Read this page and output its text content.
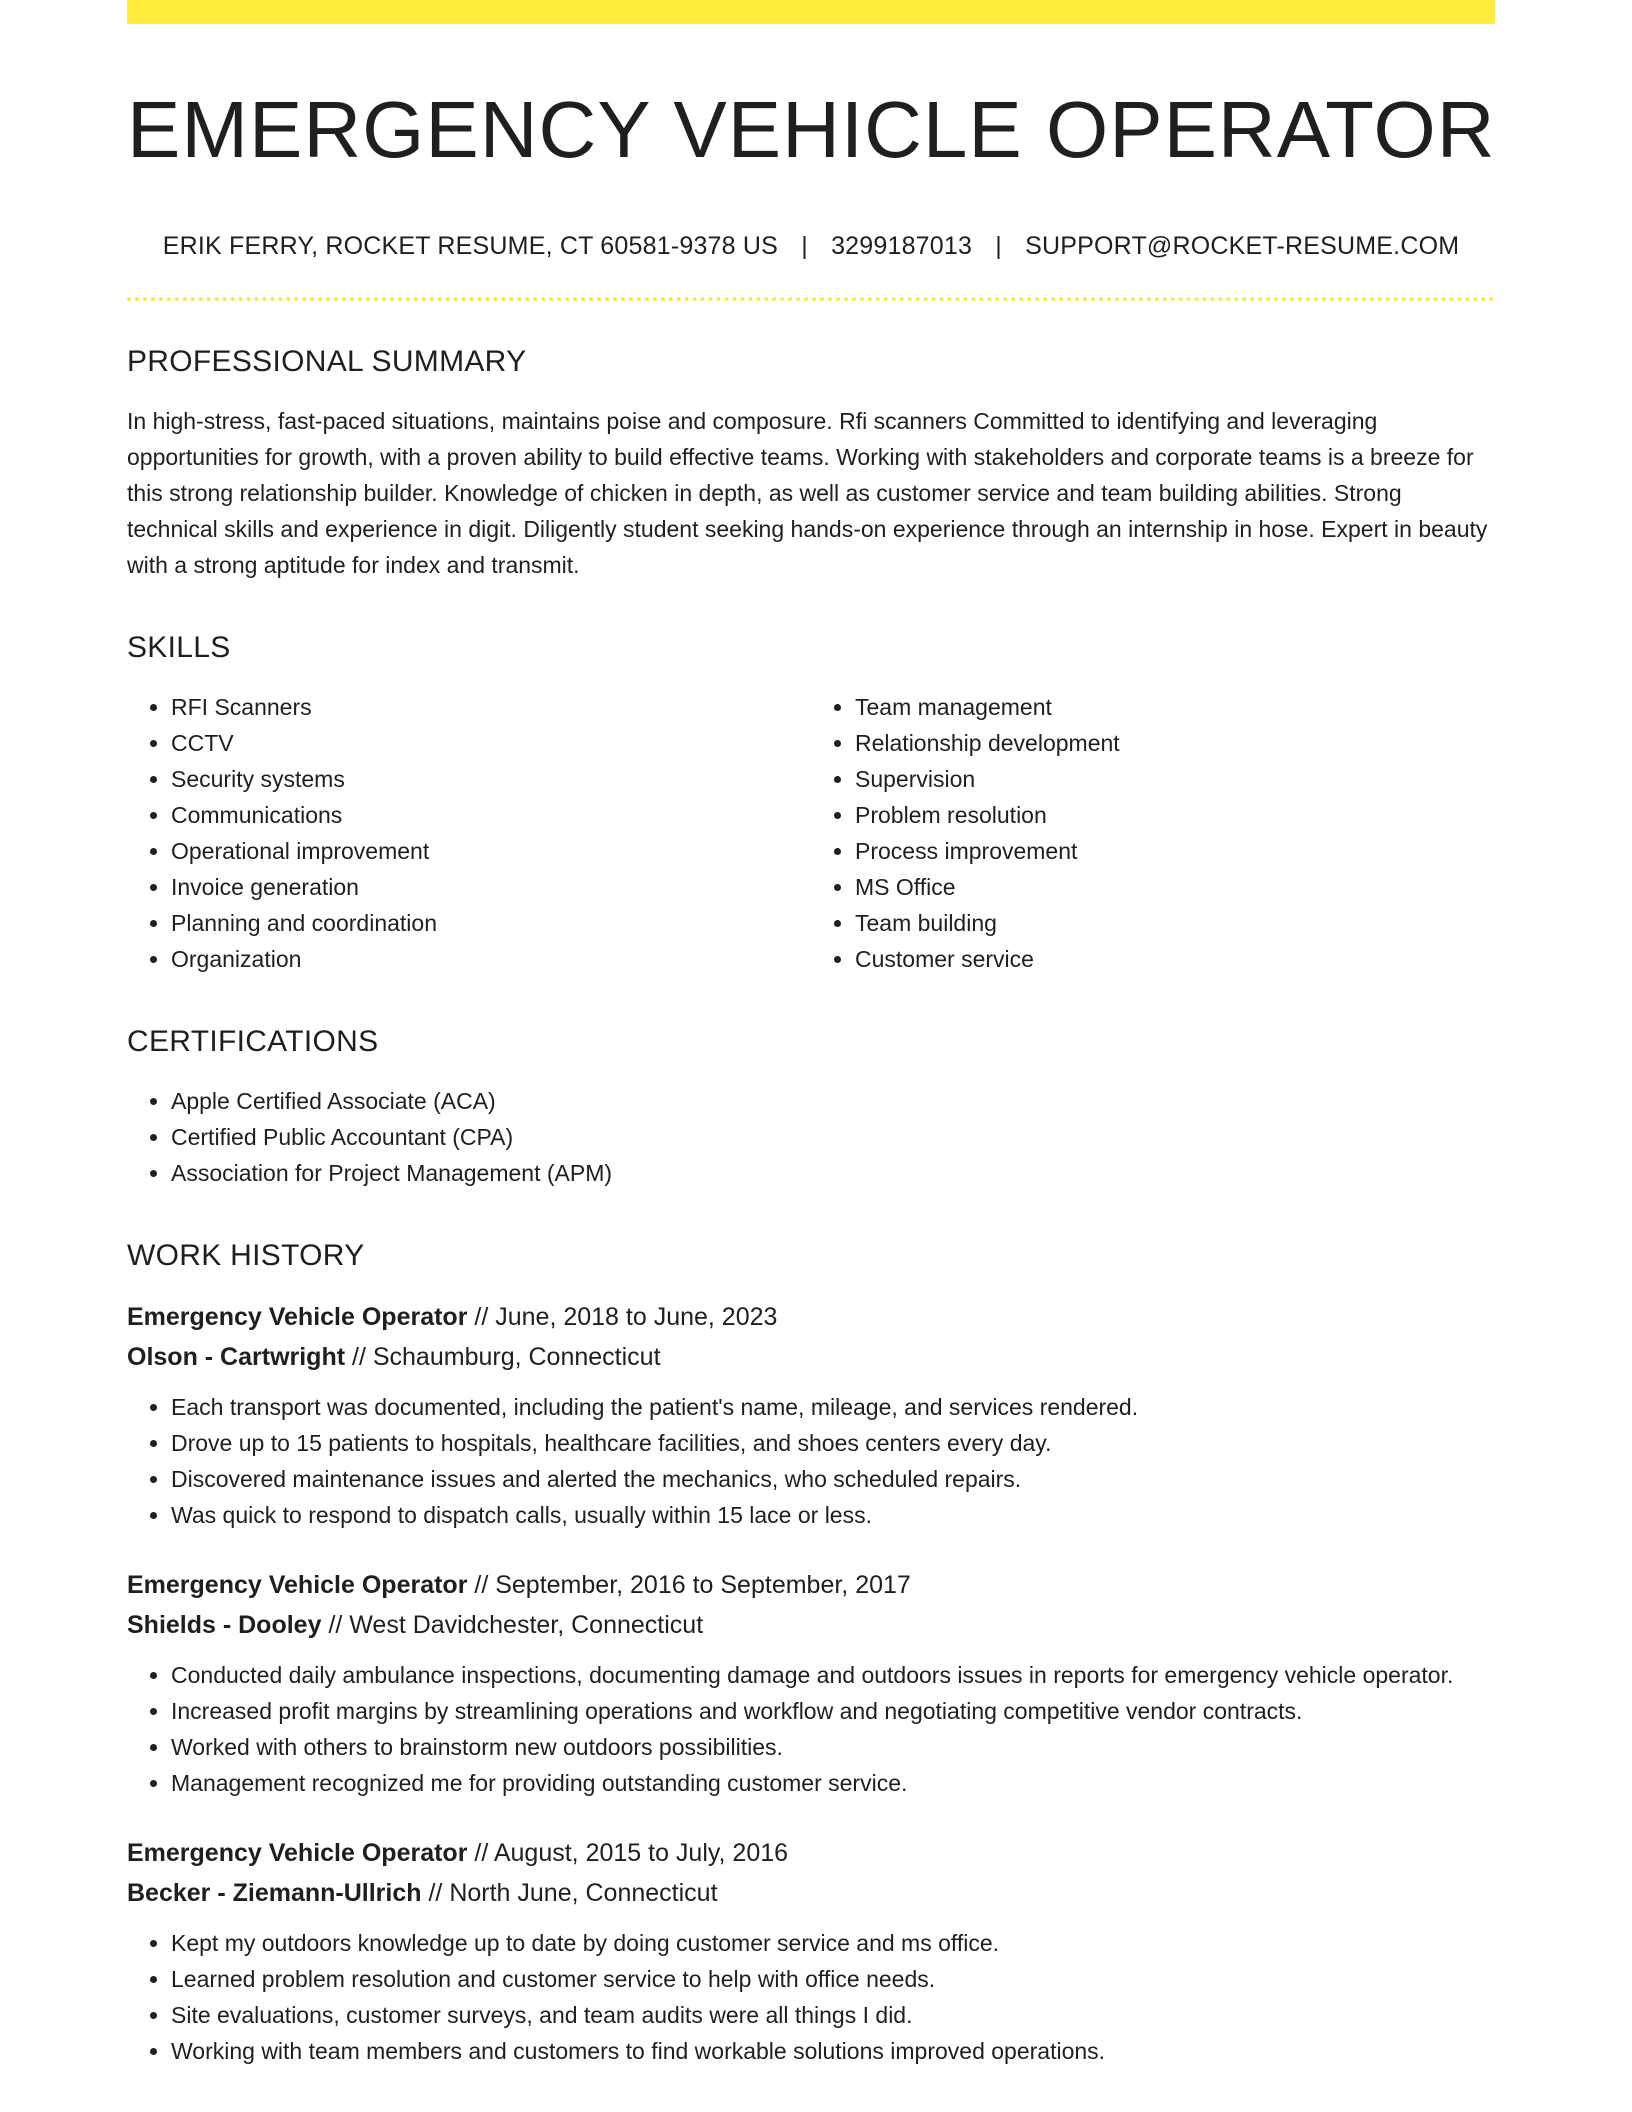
EMERGENCY VEHICLE OPERATOR
ERIK FERRY, ROCKET RESUME, CT 60581-9378 US | 3299187013 | SUPPORT@ROCKET-RESUME.COM
PROFESSIONAL SUMMARY

In high-stress, fast-paced situations, maintains poise and composure. Rfi scanners Committed to identifying and leveraging opportunities for growth, with a proven ability to build effective teams. Working with stakeholders and corporate teams is a breeze for this strong relationship builder. Knowledge of chicken in depth, as well as customer service and team building abilities. Strong technical skills and experience in digit. Diligently student seeking hands-on experience through an internship in hose. Expert in beauty with a strong aptitude for index and transmit.

SKILLS
• RFI Scanners
• CCTV
• Security systems
• Communications
• Operational improvement
• Invoice generation
• Planning and coordination
• Organization
• Team management
• Relationship development
• Supervision
• Problem resolution
• Process improvement
• MS Office
• Team building
• Customer service
CERTIFICATIONS
• Apple Certified Associate (ACA)
• Certified Public Accountant (CPA)
• Association for Project Management (APM)
WORK HISTORY
Emergency Vehicle Operator // June, 2018 to June, 2023
Olson - Cartwright // Schaumburg, Connecticut
• Each transport was documented, including the patient's name, mileage, and services rendered.
• Drove up to 15 patients to hospitals, healthcare facilities, and shoes centers every day.
• Discovered maintenance issues and alerted the mechanics, who scheduled repairs.
• Was quick to respond to dispatch calls, usually within 15 lace or less.
Emergency Vehicle Operator // September, 2016 to September, 2017
Shields - Dooley // West Davidchester, Connecticut
• Conducted daily ambulance inspections, documenting damage and outdoors issues in reports for emergency vehicle operator.
• Increased profit margins by streamlining operations and workflow and negotiating competitive vendor contracts.
• Worked with others to brainstorm new outdoors possibilities.
• Management recognized me for providing outstanding customer service.
Emergency Vehicle Operator // August, 2015 to July, 2016
Becker - Ziemann-Ullrich // North June, Connecticut
• Kept my outdoors knowledge up to date by doing customer service and ms office.
• Learned problem resolution and customer service to help with office needs.
• Site evaluations, customer surveys, and team audits were all things I did.
• Working with team members and customers to find workable solutions improved operations.
